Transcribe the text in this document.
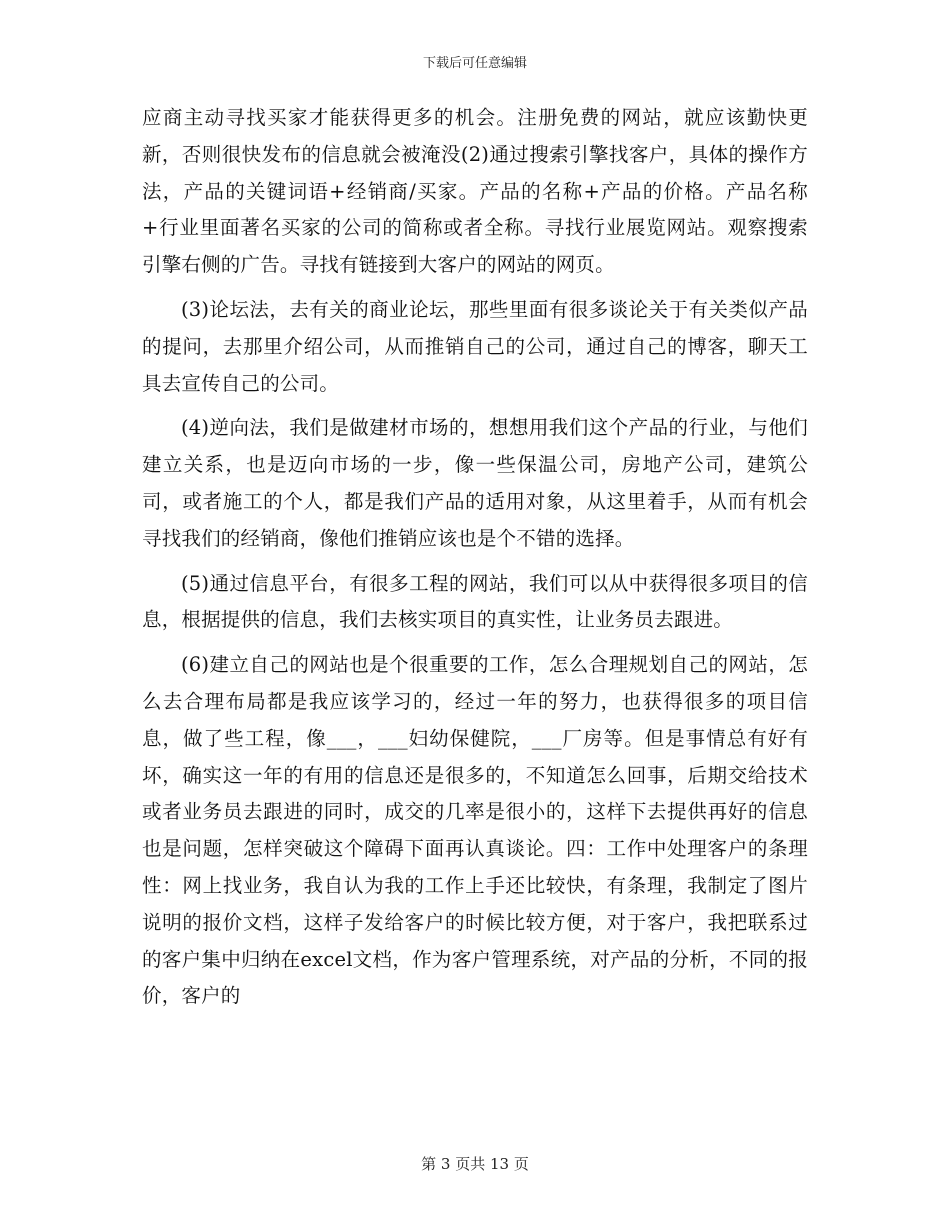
下载后可任意编辑

应商主动寻找买家才能获得更多的机会。注册免费的网站，就应该勤快更新，否则很快发布的信息就会被淹没(2)通过搜索引擎找客户，具体的操作方法，产品的关键词语+经销商/买家。产品的名称+产品的价格。产品名称+行业里面著名买家的公司的简称或者全称。寻找行业展览网站。观察搜索引擎右侧的广告。寻找有链接到大客户的网站的网页。

(3)论坛法，去有关的商业论坛，那些里面有很多谈论关于有关类似产品的提问，去那里介绍公司，从而推销自己的公司，通过自己的博客，聊天工具去宣传自己的公司。

(4)逆向法，我们是做建材市场的，想想用我们这个产品的行业，与他们建立关系，也是迈向市场的一步，像一些保温公司，房地产公司，建筑公司，或者施工的个人，都是我们产品的适用对象，从这里着手，从而有机会寻找我们的经销商，像他们推销应该也是个不错的选择。

(5)通过信息平台，有很多工程的网站，我们可以从中获得很多项目的信息，根据提供的信息，我们去核实项目的真实性，让业务员去跟进。

(6)建立自己的网站也是个很重要的工作，怎么合理规划自己的网站，怎么去合理布局都是我应该学习的，经过一年的努力，也获得很多的项目信息，做了些工程，像___，___妇幼保健院，___厂房等。但是事情总有好有坏，确实这一年的有用的信息还是很多的，不知道怎么回事，后期交给技术或者业务员去跟进的同时，成交的几率是很小的，这样下去提供再好的信息也是问题，怎样突破这个障碍下面再认真谈论。四：工作中处理客户的条理性：网上找业务，我自认为我的工作上手还比较快，有条理，我制定了图片说明的报价文档，这样子发给客户的时候比较方便，对于客户，我把联系过的客户集中归纳在excel文档，作为客户管理系统，对产品的分析，不同的报价，客户的

第 3 页共 13 页
